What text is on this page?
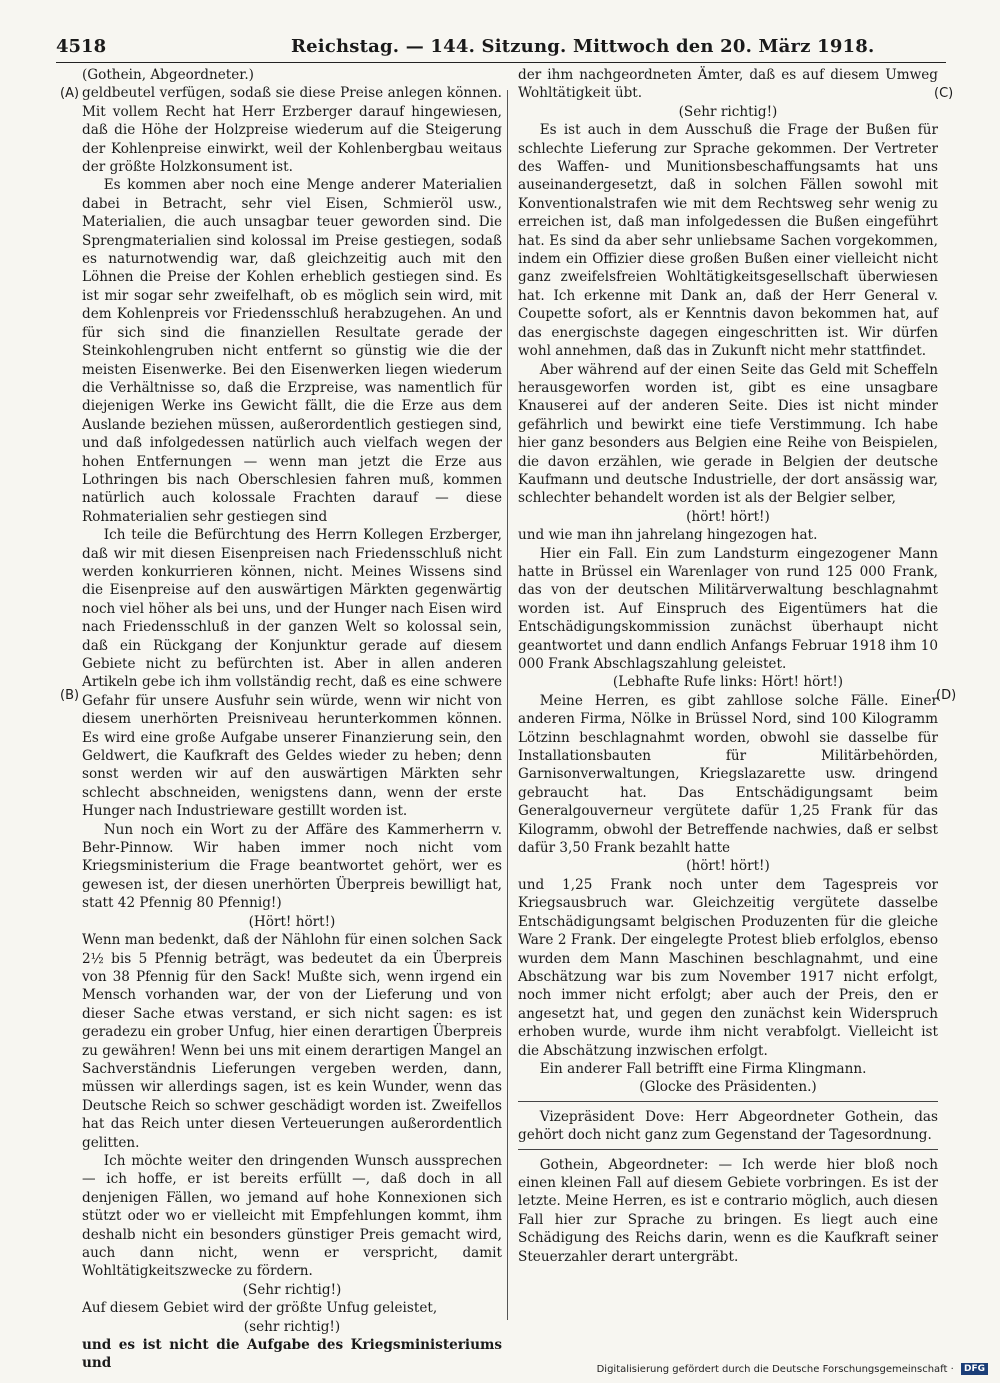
4518	Reichstag. — 144. Sitzung. Mittwoch den 20. März 1918.
(A)
(B)
(C)
(D)

(Gothein, Abgeordneter.)

geldbeutel verfügen, sodaß sie diese Preise anlegen können. Mit vollem Recht hat Herr Erzberger darauf hingewiesen, daß die Höhe der Holzpreise wiederum auf die Steigerung der Kohlenpreise einwirkt, weil der Kohlenbergbau weitaus der größte Holzkonsument ist.

Es kommen aber noch eine Menge anderer Materialien dabei in Betracht, sehr viel Eisen, Schmieröl usw., Materialien, die auch unsagbar teuer geworden sind. Die Sprengmaterialien sind kolossal im Preise gestiegen, sodaß es naturnotwendig war, daß gleichzeitig auch mit den Löhnen die Preise der Kohlen erheblich gestiegen sind. Es ist mir sogar sehr zweifelhaft, ob es möglich sein wird, mit dem Kohlenpreis vor Friedensschluß herabzugehen. An und für sich sind die finanziellen Resultate gerade der Steinkohlengruben nicht entfernt so günstig wie die der meisten Eisenwerke. Bei den Eisenwerken liegen wiederum die Verhältnisse so, daß die Erzpreise, was namentlich für diejenigen Werke ins Gewicht fällt, die die Erze aus dem Auslande beziehen müssen, außerordentlich gestiegen sind, und daß infolgedessen natürlich auch vielfach wegen der hohen Entfernungen — wenn man jetzt die Erze aus Lothringen bis nach Oberschlesien fahren muß, kommen natürlich auch kolossale Frachten darauf — diese Rohmaterialien sehr gestiegen sind

Ich teile die Befürchtung des Herrn Kollegen Erzberger, daß wir mit diesen Eisenpreisen nach Friedensschluß nicht werden konkurrieren können, nicht. Meines Wissens sind die Eisenpreise auf den auswärtigen Märkten gegenwärtig noch viel höher als bei uns, und der Hunger nach Eisen wird nach Friedensschluß in der ganzen Welt so kolossal sein, daß ein Rückgang der Konjunktur gerade auf diesem Gebiete nicht zu befürchten ist. Aber in allen anderen Artikeln gebe ich ihm vollständig recht, daß es eine schwere Gefahr für unsere Ausfuhr sein würde, wenn wir nicht von diesem unerhörten Preisniveau herunterkommen können. Es wird eine große Aufgabe unserer Finanzierung sein, den Geldwert, die Kaufkraft des Geldes wieder zu heben; denn sonst werden wir auf den auswärtigen Märkten sehr schlecht abschneiden, wenigstens dann, wenn der erste Hunger nach Industrieware gestillt worden ist.

Nun noch ein Wort zu der Affäre des Kammerherrn v. Behr-Pinnow. Wir haben immer noch nicht vom Kriegsministerium die Frage beantwortet gehört, wer es gewesen ist, der diesen unerhörten Überpreis bewilligt hat, statt 42 Pfennig 80 Pfennig!)

(Hört! hört!)

Wenn man bedenkt, daß der Nählohn für einen solchen Sack 2½ bis 5 Pfennig beträgt, was bedeutet da ein Überpreis von 38 Pfennig für den Sack! Mußte sich, wenn irgend ein Mensch vorhanden war, der von der Lieferung und von dieser Sache etwas verstand, er sich nicht sagen: es ist geradezu ein grober Unfug, hier einen derartigen Überpreis zu gewähren! Wenn bei uns mit einem derartigen Mangel an Sachverständnis Lieferungen vergeben werden, dann, müssen wir allerdings sagen, ist es kein Wunder, wenn das Deutsche Reich so schwer geschädigt worden ist. Zweifellos hat das Reich unter diesen Verteuerungen außerordentlich gelitten.

Ich möchte weiter den dringenden Wunsch aussprechen — ich hoffe, er ist bereits erfüllt —, daß doch in all denjenigen Fällen, wo jemand auf hohe Konnexionen sich stützt oder wo er vielleicht mit Empfehlungen kommt, ihm deshalb nicht ein besonders günstiger Preis gemacht wird, auch dann nicht, wenn er verspricht, damit Wohltätigkeitszwecke zu fördern.

(Sehr richtig!)

Auf diesem Gebiet wird der größte Unfug geleistet,

(sehr richtig!)

und es ist nicht die Aufgabe des Kriegsministeriums und

der ihm nachgeordneten Ämter, daß es auf diesem Umweg Wohltätigkeit übt.

(Sehr richtig!)

Es ist auch in dem Ausschuß die Frage der Bußen für schlechte Lieferung zur Sprache gekommen. Der Vertreter des Waffen- und Munitionsbeschaffungsamts hat uns auseinandergesetzt, daß in solchen Fällen sowohl mit Konventionalstrafen wie mit dem Rechtsweg sehr wenig zu erreichen ist, daß man infolgedessen die Bußen eingeführt hat. Es sind da aber sehr unliebsame Sachen vorgekommen, indem ein Offizier diese großen Bußen einer vielleicht nicht ganz zweifelsfreien Wohltätigkeitsgesellschaft überwiesen hat. Ich erkenne mit Dank an, daß der Herr General v. Coupette sofort, als er Kenntnis davon bekommen hat, auf das energischste dagegen eingeschritten ist. Wir dürfen wohl annehmen, daß das in Zukunft nicht mehr stattfindet.

Aber während auf der einen Seite das Geld mit Scheffeln herausgeworfen worden ist, gibt es eine unsagbare Knauserei auf der anderen Seite. Dies ist nicht minder gefährlich und bewirkt eine tiefe Verstimmung. Ich habe hier ganz besonders aus Belgien eine Reihe von Beispielen, die davon erzählen, wie gerade in Belgien der deutsche Kaufmann und deutsche Industrielle, der dort ansässig war, schlechter behandelt worden ist als der Belgier selber,

(hört! hört!)

und wie man ihn jahrelang hingezogen hat.

Hier ein Fall. Ein zum Landsturm eingezogener Mann hatte in Brüssel ein Warenlager von rund 125 000 Frank, das von der deutschen Militärverwaltung beschlagnahmt worden ist. Auf Einspruch des Eigentümers hat die Entschädigungskommission zunächst überhaupt nicht geantwortet und dann endlich Anfangs Februar 1918 ihm 10 000 Frank Abschlagszahlung geleistet.

(Lebhafte Rufe links: Hört! hört!)

Meine Herren, es gibt zahllose solche Fälle. Einer anderen Firma, Nölke in Brüssel Nord, sind 100 Kilogramm Lötzinn beschlagnahmt worden, obwohl sie dasselbe für Installationsbauten für Militärbehörden, Garnisonverwaltungen, Kriegslazarette usw. dringend gebraucht hat. Das Entschädigungsamt beim Generalgouverneur vergütete dafür 1,25 Frank für das Kilogramm, obwohl der Betreffende nachwies, daß er selbst dafür 3,50 Frank bezahlt hatte

(hört! hört!)

und 1,25 Frank noch unter dem Tagespreis vor Kriegsausbruch war. Gleichzeitig vergütete dasselbe Entschädigungsamt belgischen Produzenten für die gleiche Ware 2 Frank. Der eingelegte Protest blieb erfolglos, ebenso wurden dem Mann Maschinen beschlagnahmt, und eine Abschätzung war bis zum November 1917 nicht erfolgt, noch immer nicht erfolgt; aber auch der Preis, den er angesetzt hat, und gegen den zunächst kein Widerspruch erhoben wurde, wurde ihm nicht verabfolgt. Vielleicht ist die Abschätzung inzwischen erfolgt.

Ein anderer Fall betrifft eine Firma Klingmann.

(Glocke des Präsidenten.)

Vizepräsident Dove: Herr Abgeordneter Gothein, das gehört doch nicht ganz zum Gegenstand der Tagesordnung.

Gothein, Abgeordneter: — Ich werde hier bloß noch einen kleinen Fall auf diesem Gebiete vorbringen. Es ist der letzte. Meine Herren, es ist e contrario möglich, auch diesen Fall hier zur Sprache zu bringen. Es liegt auch eine Schädigung des Reichs darin, wenn es die Kaufkraft seiner Steuerzahler derart untergräbt.

Digitalisierung gefördert durch die Deutsche Forschungsgemeinschaft · DFG
